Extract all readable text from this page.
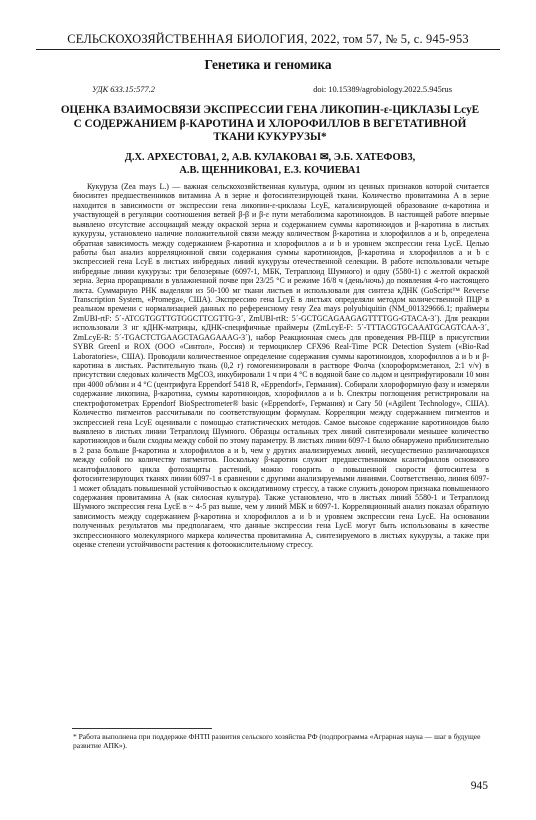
СЕЛЬСКОХОЗЯЙСТВЕННАЯ БИОЛОГИЯ, 2022, том 57, № 5, с. 945-953
Генетика и геномика
УДК 633.15:577.2	doi: 10.15389/agrobiology.2022.5.945rus
ОЦЕНКА ВЗАИМОСВЯЗИ ЭКСПРЕССИИ ГЕНА ЛИКОПИН-ε-ЦИКЛАЗЫ LcyE С СОДЕРЖАНИЕМ β-КАРОТИНА И ХЛОРОФИЛЛОВ В ВЕГЕТАТИВНОЙ ТКАНИ КУКУРУЗЫ*
Д.Х. АРХЕСТОВА1, 2, А.В. КУЛАКОВА1 ✉, Э.Б. ХАТЕФОВ3,
А.В. ЩЕННИКОВА1, Е.З. КОЧИЕВА1

Кукуруза (Zea mays L.) — важная сельскохозяйственная культура, одним из ценных признаков которой считается биосинтез предшественников витамина А в зерне и фотосинтезирующей ткани. Количество провитамина А в зерне находится в зависимости от экспрессии гена ликопин-ε-циклазы LcyE, катализирующей образование α-каротина и участвующей в регуляции соотношения ветвей β-β и β-ε пути метаболизма каротиноидов. В настоящей работе впервые выявлено отсутствие ассоциаций между окраской зерна и содержанием суммы каротиноидов и β-каротина в листьях кукурузы, установлено наличие положительной связи между количеством β-каротина и хлорофиллов a и b, определена обратная зависимость между содержанием β-каротина и хлорофиллов a и b и уровнем экспрессии гена LycE. Целью работы был анализ корреляционной связи содержания суммы каротиноидов, β-каротина и хлорофиллов a и b с экспрессией гена LcyE в листьях инбредных линий кукурузы отечественной селекции. В работе использовали четыре инбредные линии кукурузы: три белозерные (6097-1, МБК, Тетраплоид Шумного) и одну (5580-1) с желтой окраской зерна. Зерна проращивали в увлажненной почве при 23/25 °C и режиме 16/8 ч (день/ночь) до появления 4-го настоящего листа. Суммарную РНК выделяли из 50-100 мг ткани листьев и использовали для синтеза кДНК (GoScript™ Reverse Transcription System, «Promega», США). Экспрессию гена LcyE в листьях определяли методом количественной ПЦР в реальном времени с нормализацией данных по референсному гену Zea mays polyubiquitin (NM_001329666.1; праймеры ZmUBI-rtF: 5´-ATCGTGGTTGTGGCTTCGTTG-3´, ZmUBI-rtR: 5´-GCTGCAGAAGAGTTTTGG-GTACA-3´). Для реакции использовали 3 нг кДНК-матрицы, кДНК-специфичные праймеры (ZmLcyE-F: 5´-TTTACGTGCAAATGCAGTCAA-3´, ZmLcyE-R: 5´-TGACTCTGAAGCTAGAGAAAG-3´), набор Реакционная смесь для проведения РВ-ПЦР в присутствии SYBR GreenI и ROX (ООО «Синтол», Россия) и термоциклер CFX96 Real-Time PCR Detection System («Bio-Rad Laboratories», США). Проводили количественное определение содержания суммы каротиноидов, хлорофиллов a и b и β-каротина в листьях. Растительную ткань (0,2 г) гомогенизировали в растворе Фолча (хлороформ:метанол, 2:1 v/v) в присутствии следовых количеств MgCO3, инкубировали 1 ч при 4 °C в водяной бане со льдом и центрифугировали 10 мин при 4000 об/мин и 4 °C (центрифуга Eppendorf 5418 R, «Eppendorf», Германия). Собирали хлороформную фазу и измеряли содержание ликопина, β-каротина, суммы каротиноидов, хлорофиллов a и b. Спектры поглощения регистрировали на спектрофотометрах Eppendorf BioSpectrometer® basic («Eppendorf», Германия) и Cary 50 («Agilent Technology», США). Количество пигментов рассчитывали по соответствующим формулам. Корреляции между содержанием пигментов и экспрессией гена LcyE оценивали с помощью статистических методов. Самое высокое содержание каротиноидов было выявлено в листьях линии Тетраплоид Шумного. Образцы остальных трех линий синтезировали меньшее количество каротиноидов и были сходны между собой по этому параметру. В листьях линии 6097-1 было обнаружено приблизительно в 2 раза больше β-каротина и хлорофиллов a и b, чем у других анализируемых линий, несущественно различающихся между собой по количеству пигментов. Поскольку β-каротин служит предшественником ксантофиллов основного ксантофиллового цикла фотозащиты растений, можно говорить о повышенной скорости фотосинтеза в фотосинтезирующих тканях линии 6097-1 в сравнении с другими анализируемыми линиями. Соответственно, линия 6097-1 может обладать повышенной устойчивостью к оксидативному стрессу, а также служить донором признака повышенного содержания провитамина А (как силосная культура). Также установлено, что в листьях линий 5580-1 и Тетраплоид Шумного экспрессия гена LycE в ~ 4-5 раз выше, чем у линий МБК и 6097-1. Корреляционный анализ показал обратную зависимость между содержанием β-каротина и хлорофиллов a и b и уровнем экспрессии гена LycE. На основании полученных результатов мы предполагаем, что данные экспрессии гена LycE могут быть использованы в качестве экспрессионного молекулярного маркера количества провитамина А, синтезируемого в листьях кукурузы, а также при оценке степени устойчивости растения к фотоокислительному стрессу.

* Работа выполнена при поддержке ФНТП развития сельского хозяйства РФ (подпрограмма «Аграрная наука — шаг в будущее развитие АПК»).
945
